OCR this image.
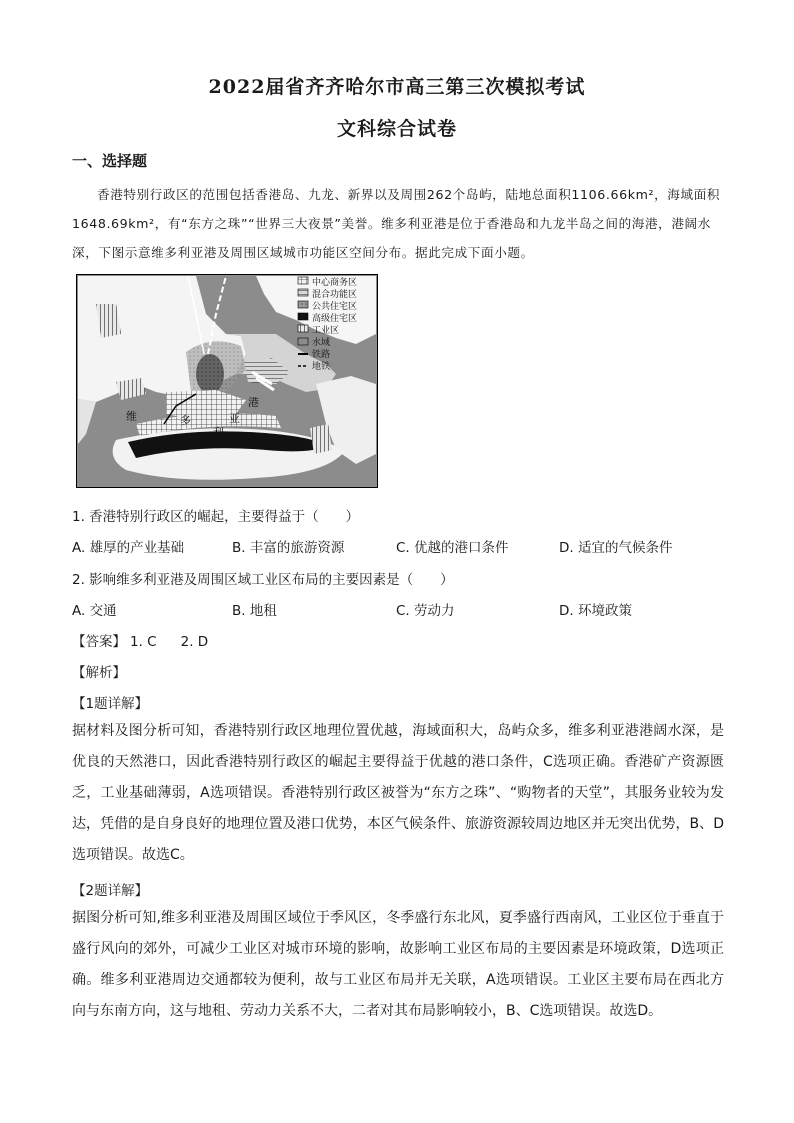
2022届省齐齐哈尔市高三第三次模拟考试
文科综合试卷
一、选择题
香港特别行政区的范围包括香港岛、九龙、新界以及周围262个岛屿，陆地总面积1106.66km²，海域面积1648.69km²，有“东方之珠”“世界三大夜景”美誉。维多利亚港是位于香港岛和九龙半岛之间的海港，港阔水深，下图示意维多利亚港及周围区域城市功能区空间分布。据此完成下面小题。
中心商务区
混合功能区
公共住宅区
高级住宅区
工业区
水域
铁路
地铁
维	多
利
亚
港
1. 香港特别行政区的崛起，主要得益于（　　）
A. 雄厚的产业基础	B. 丰富的旅游资源	C. 优越的港口条件	D. 适宜的气候条件
2. 影响维多利亚港及周围区域工业区布局的主要因素是（　　）
A. 交通	B. 地租	C. 劳动力	D. 环境政策
【答案】 1. C 2. D
【解析】
【1题详解】
据材料及图分析可知，香港特别行政区地理位置优越，海域面积大，岛屿众多，维多利亚港港阔水深，是优良的天然港口，因此香港特别行政区的崛起主要得益于优越的港口条件，C选项正确。香港矿产资源匮乏，工业基础薄弱，A选项错误。香港特别行政区被誉为“东方之珠”、“购物者的天堂”，其服务业较为发达，凭借的是自身良好的地理位置及港口优势，本区气候条件、旅游资源较周边地区并无突出优势，B、D选项错误。故选C。
【2题详解】
据图分析可知,维多利亚港及周围区域位于季风区，冬季盛行东北风，夏季盛行西南风，工业区位于垂直于盛行风向的郊外，可减少工业区对城市环境的影响，故影响工业区布局的主要因素是环境政策，D选项正确。维多利亚港周边交通都较为便利，故与工业区布局并无关联，A选项错误。工业区主要布局在西北方向与东南方向，这与地租、劳动力关系不大，二者对其布局影响较小，B、C选项错误。故选D。
